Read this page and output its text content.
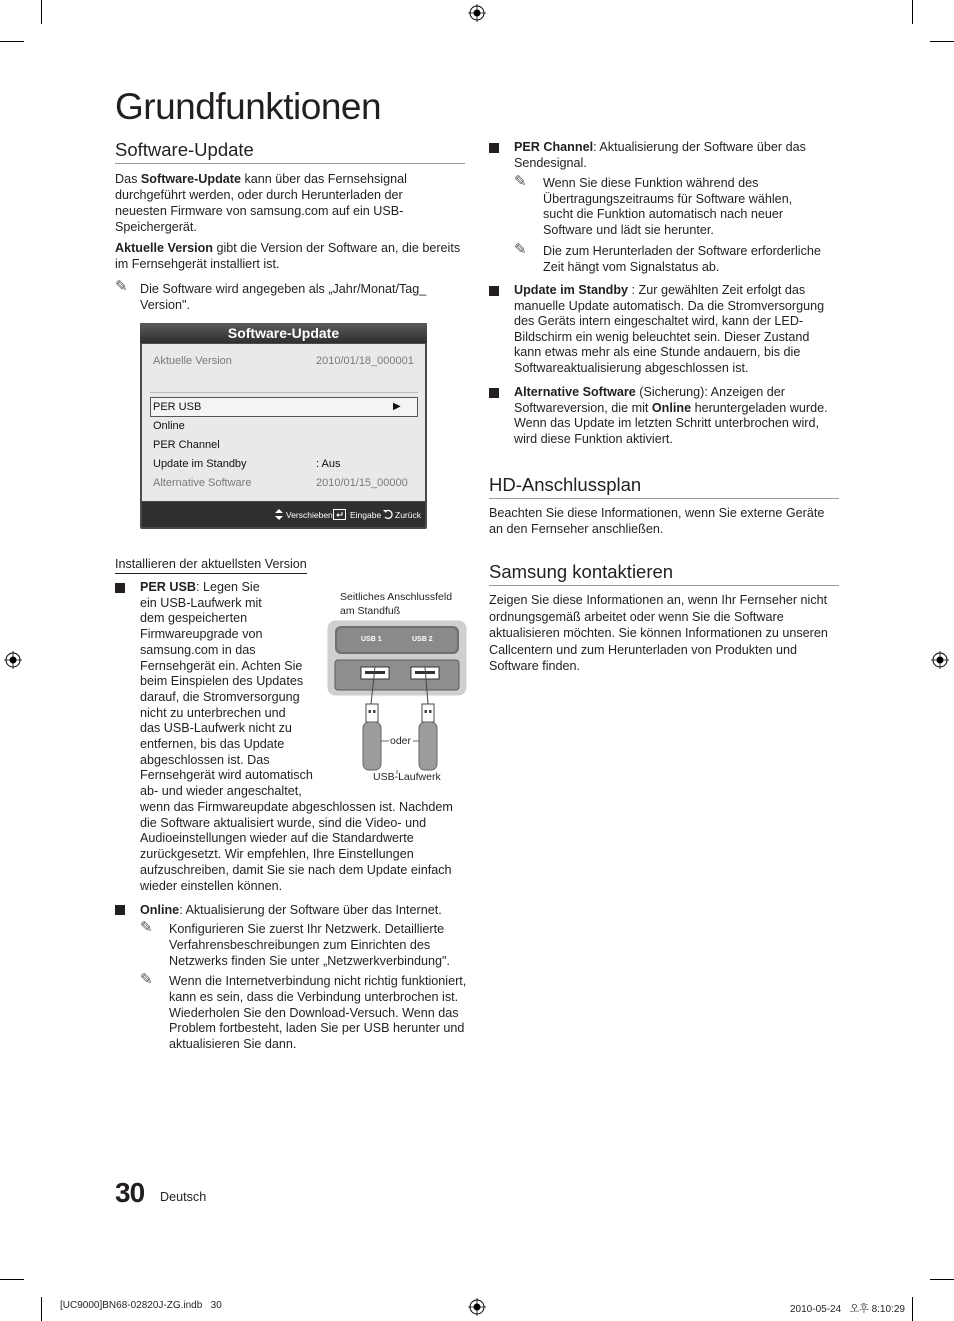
Grundfunktionen
Software-Update

Das Software-Update kann über das Fernsehsignal durchgeführt werden, oder durch Herunterladen der neuesten Firmware von samsung.com auf ein USB-Speichergerät.

Aktuelle Version gibt die Version der Software an, die bereits im Fernsehgerät installiert ist.

✎ Die Software wird angegeben als „Jahr/Monat/Tag_ Version".

Software-Update
Aktuelle Version	2010/01/18_000001
PER USB	▶
Online
PER Channel
Update im Standby	: Aus
Alternative Software	2010/01/15_00000
Verschieben Eingabe Zurück

Installieren der aktuellsten Version

PER USB: Legen Sie
ein USB-Laufwerk mit
dem gespeicherten
Firmwareupgrade von
samsung.com in das
Fernsehgerät ein. Achten Sie
beim Einspielen des Updates
darauf, die Stromversorgung
nicht zu unterbrechen und
das USB-Laufwerk nicht zu
entfernen, bis das Update
abgeschlossen ist. Das
Fernsehgerät wird automatisch
ab- und wieder angeschaltet,

wenn das Firmwareupdate abgeschlossen ist. Nachdem die Software aktualisiert wurde, sind die Video- und Audioeinstellungen wieder auf die Standardwerte zurückgesetzt. Wir empfehlen, Ihre Einstellungen aufzuschreiben, damit Sie sie nach dem Update einfach wieder einstellen können.

Seitliches Anschlussfeld am Standfuß
USB 1	USB 2
oder
USB-Laufwerk

Online: Aktualisierung der Software über das Internet.

✎ Konfigurieren Sie zuerst Ihr Netzwerk. Detaillierte Verfahrensbeschreibungen zum Einrichten des Netzwerks finden Sie unter „Netzwerkverbindung".

✎ Wenn die Internetverbindung nicht richtig funktioniert, kann es sein, dass die Verbindung unterbrochen ist. Wiederholen Sie den Download-Versuch. Wenn das Problem fortbesteht, laden Sie per USB herunter und aktualisieren Sie dann.

PER Channel: Aktualisierung der Software über das Sendesignal.

✎ Wenn Sie diese Funktion während des Übertragungszeitraums für Software wählen, sucht die Funktion automatisch nach neuer Software und lädt sie herunter.

✎ Die zum Herunterladen der Software erforderliche Zeit hängt vom Signalstatus ab.

Update im Standby : Zur gewählten Zeit erfolgt das manuelle Update automatisch. Da die Stromversorgung des Geräts intern eingeschaltet wird, kann der LED-Bildschirm ein wenig beleuchtet sein. Dieser Zustand kann etwas mehr als eine Stunde andauern, bis die Softwareaktualisierung abgeschlossen ist.

Alternative Software (Sicherung): Anzeigen der Softwareversion, die mit Online heruntergeladen wurde. Wenn das Update im letzten Schritt unterbrochen wird, wird diese Funktion aktiviert.

HD-Anschlussplan

Beachten Sie diese Informationen, wenn Sie externe Geräte an den Fernseher anschließen.

Samsung kontaktieren

Zeigen Sie diese Informationen an, wenn Ihr Fernseher nicht ordnungsgemäß arbeitet oder wenn Sie die Software aktualisieren möchten. Sie können Informationen zu unseren Callcentern und zum Herunterladen von Produkten und Software finden.

30 Deutsch
[UC9000]BN68-02820J-ZG.indb   30	2010-05-24   오후 8:10:29
